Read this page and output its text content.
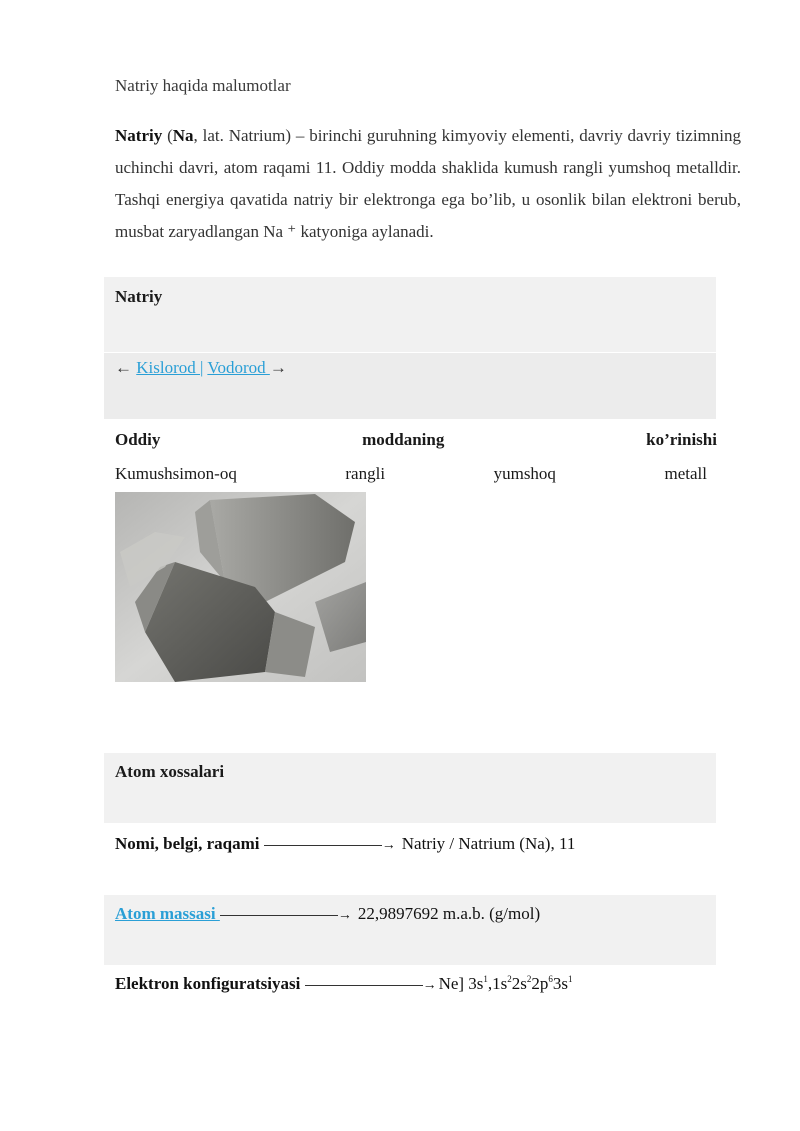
Natriy haqida malumotlar
Natriy (Na, lat. Natrium) – birinchi guruhning kimyoviy elementi, davriy davriy tizimning uchinchi davri, atom raqami 11. Oddiy modda shaklida kumush rangli yumshoq metalldir. Tashqi energiya qavatida natriy bir elektronga ega bo’lib, u osonlik bilan elektroni berub, musbat zaryadlangan Na ⁺ katyoniga aylanadi.
Natriy
← Kislorod | Vodorod →
Oddiy	moddaning	ko’rinishi
Kumushsimon-oq	rangli	yumshoq	metall
Atom xossalari
Nomi, belgi, raqami	→ Natriy / Natrium (Na), 11
Atom massasi	→ 22,9897692 m.a.b. (g/mol)
Elektron konfiguratsiyasi	→ Ne] $3s^1,1s^22s^22p^63s^1$
